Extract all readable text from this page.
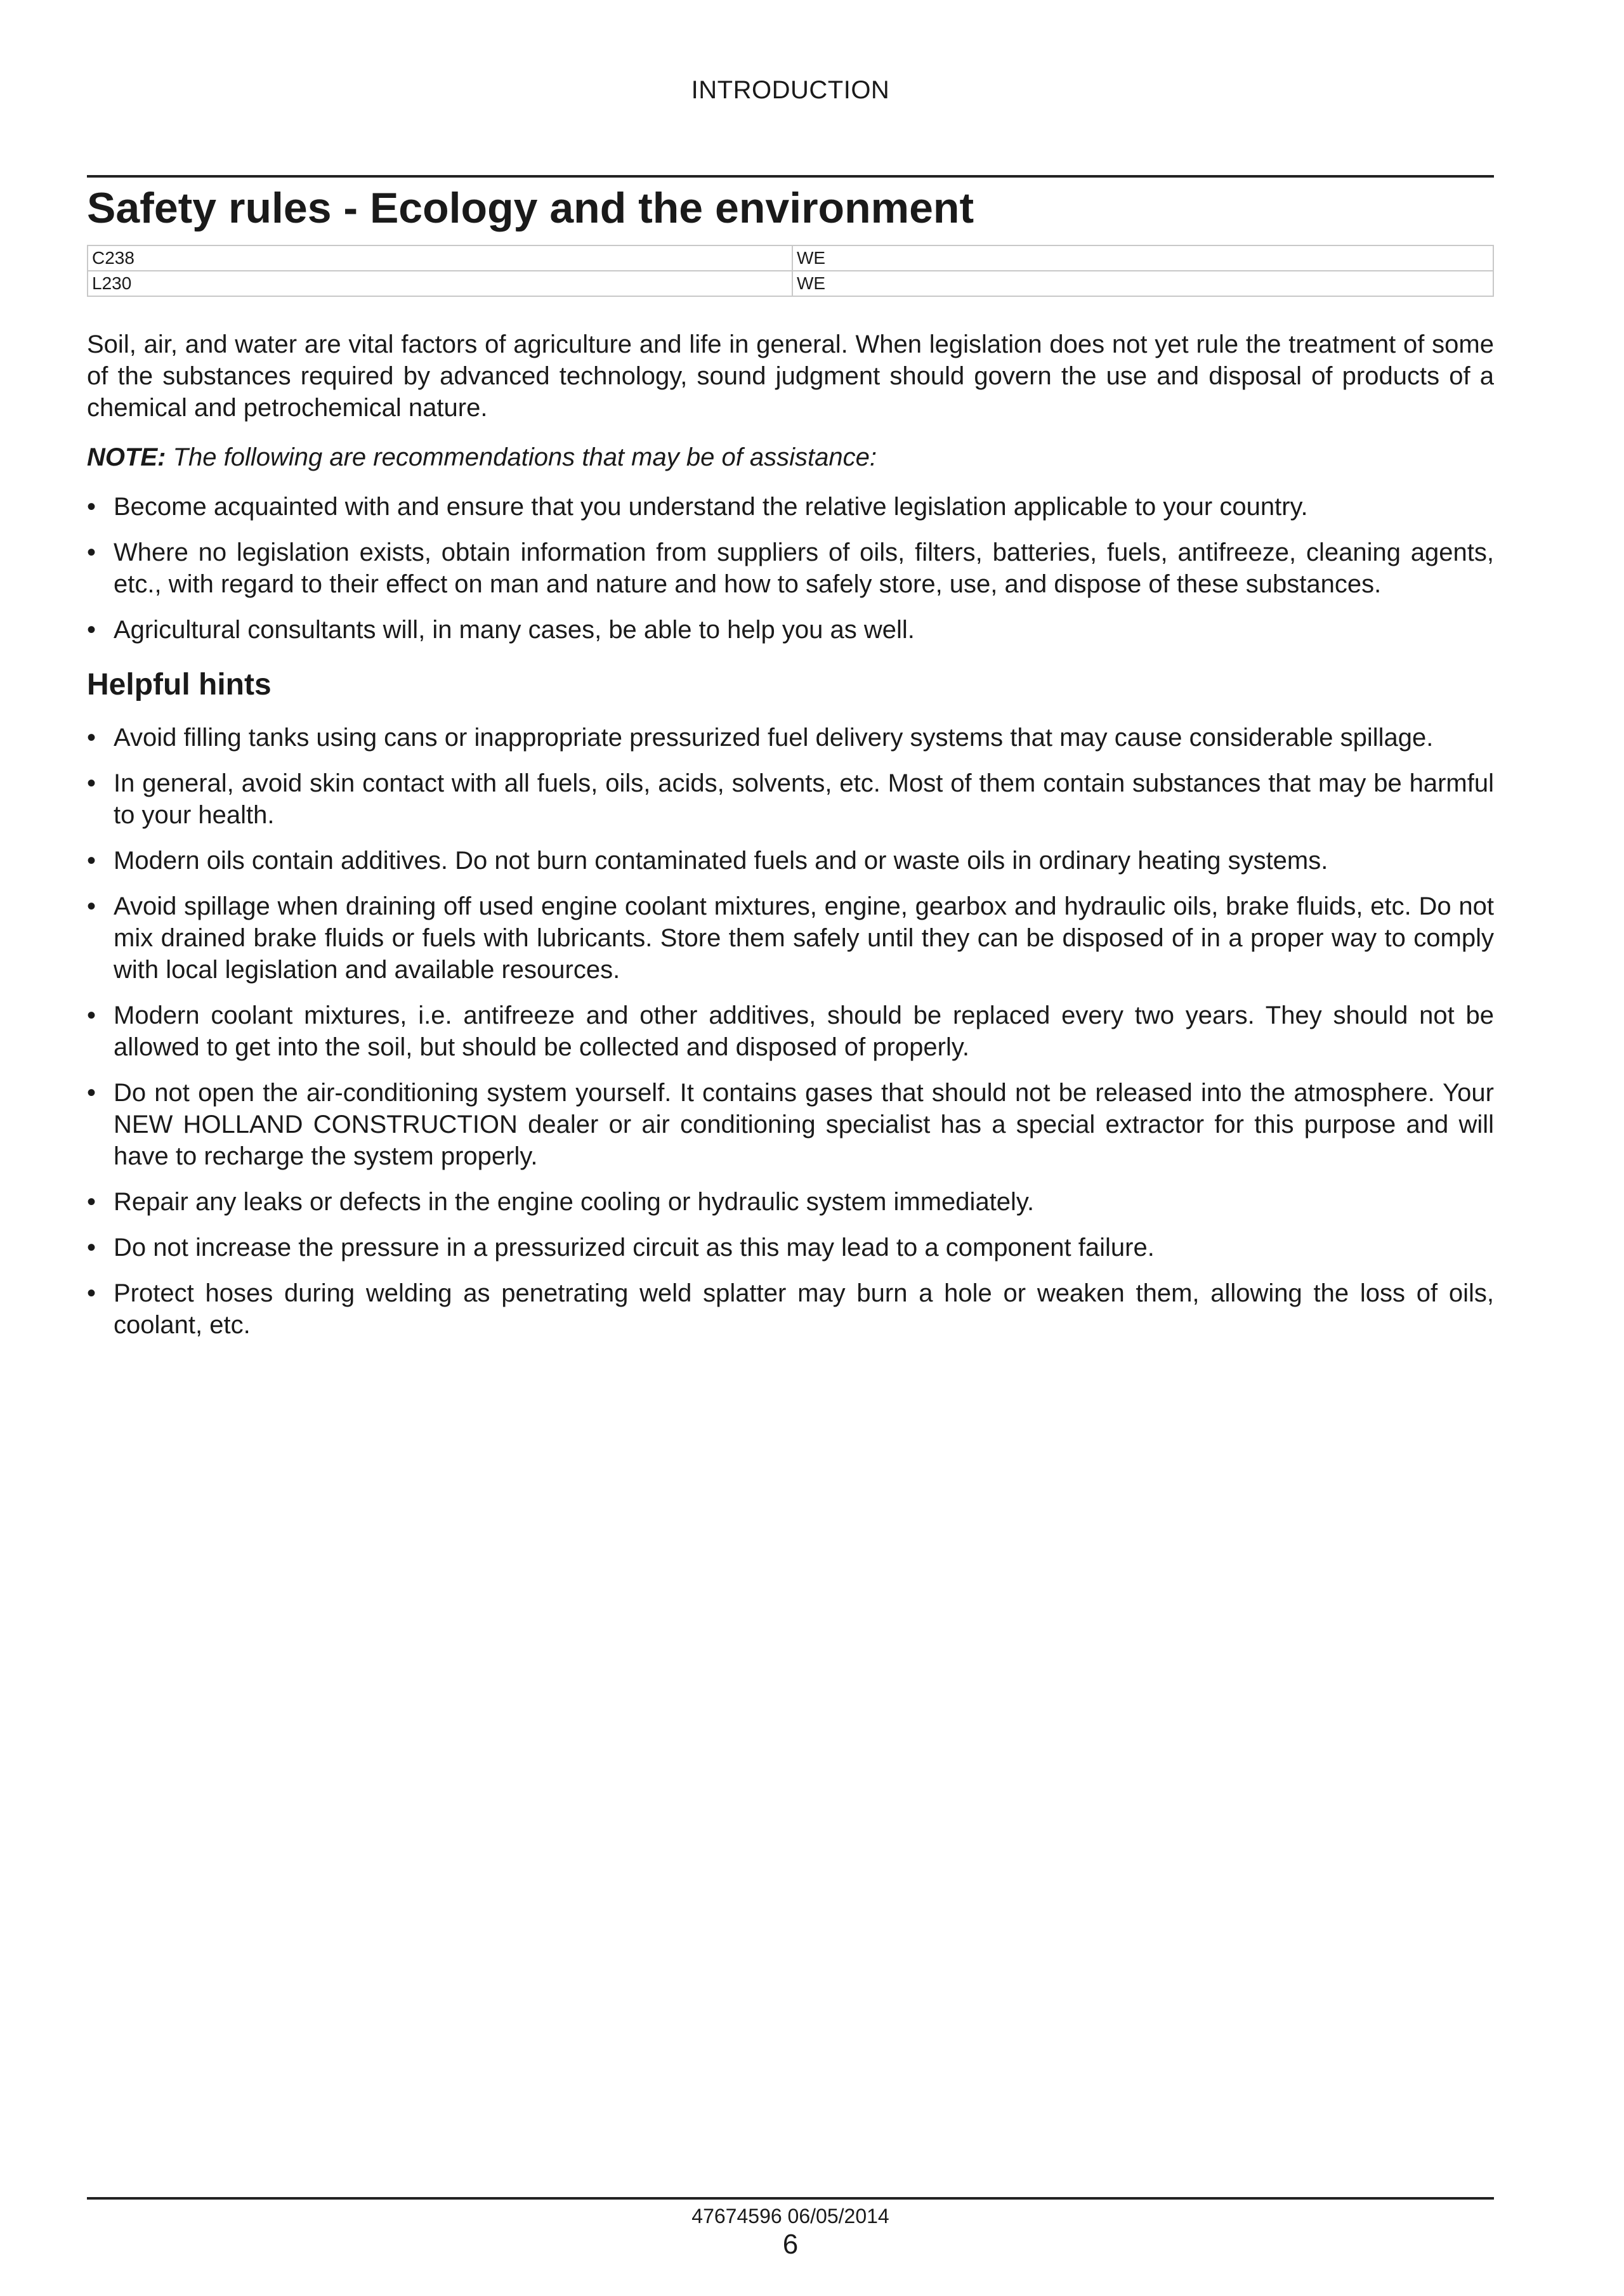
INTRODUCTION
Safety rules - Ecology and the environment
C238	WE
L230	WE

Soil, air, and water are vital factors of agriculture and life in general. When legislation does not yet rule the treatment of some of the substances required by advanced technology, sound judgment should govern the use and disposal of products of a chemical and petrochemical nature.

NOTE: The following are recommendations that may be of assistance:

• Become acquainted with and ensure that you understand the relative legislation applicable to your country.
• Where no legislation exists, obtain information from suppliers of oils, filters, batteries, fuels, antifreeze, cleaning agents, etc., with regard to their effect on man and nature and how to safely store, use, and dispose of these substances.
• Agricultural consultants will, in many cases, be able to help you as well.
Helpful hints
• Avoid filling tanks using cans or inappropriate pressurized fuel delivery systems that may cause considerable spillage.
• In general, avoid skin contact with all fuels, oils, acids, solvents, etc. Most of them contain substances that may be harmful to your health.
• Modern oils contain additives. Do not burn contaminated fuels and or waste oils in ordinary heating systems.
• Avoid spillage when draining off used engine coolant mixtures, engine, gearbox and hydraulic oils, brake fluids, etc. Do not mix drained brake fluids or fuels with lubricants. Store them safely until they can be disposed of in a proper way to comply with local legislation and available resources.
• Modern coolant mixtures, i.e. antifreeze and other additives, should be replaced every two years. They should not be allowed to get into the soil, but should be collected and disposed of properly.
• Do not open the air-conditioning system yourself. It contains gases that should not be released into the atmosphere. Your NEW HOLLAND CONSTRUCTION dealer or air conditioning specialist has a special extractor for this purpose and will have to recharge the system properly.
• Repair any leaks or defects in the engine cooling or hydraulic system immediately.
• Do not increase the pressure in a pressurized circuit as this may lead to a component failure.
• Protect hoses during welding as penetrating weld splatter may burn a hole or weaken them, allowing the loss of oils, coolant, etc.
47674596 06/05/2014
6
